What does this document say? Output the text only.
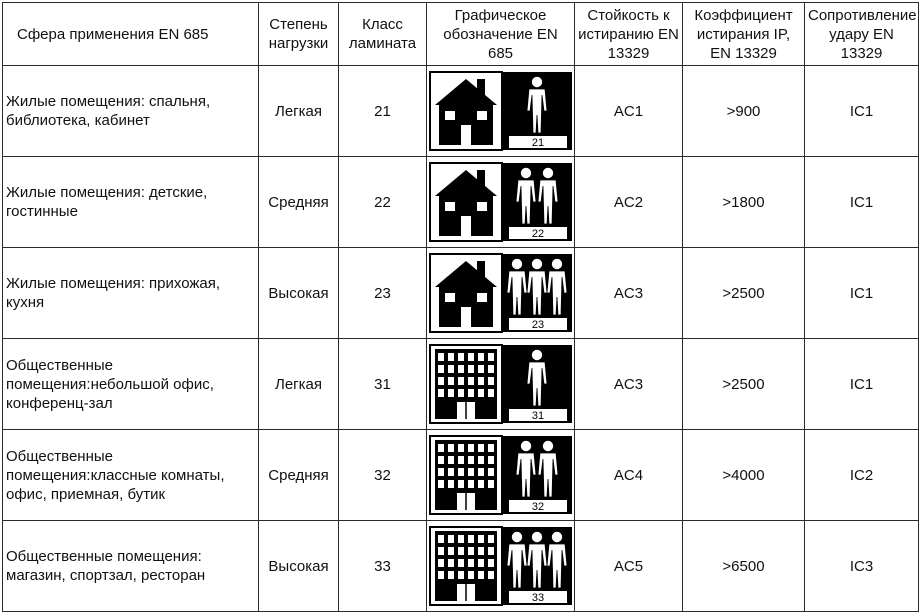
Сфера применения EN 685	Степень нагрузки	Класс ламината	Графическое обозначение EN 685	Стойкость к истиранию EN 13329	Коэффициент истирания IP, EN 13329	Сопротивление удару EN 13329
Жилые помещения: спальня, библиотека, кабинет	Легкая	21	21	AC1	>900	IC1
Жилые помещения: детские, гостинные	Средняя	22	22	AC2	>1800	IC1
Жилые помещения: прихожая, кухня	Высокая	23	23	AC3	>2500	IC1
Общественные помещения:небольшой офис, конференц-зал	Легкая	31	31	AC3	>2500	IC1
Общественные помещения:классные комнаты, офис, приемная, бутик	Средняя	32	32	AC4	>4000	IC2
Общественные помещения: магазин, спортзал, ресторан	Высокая	33	33	AC5	>6500	IC3
